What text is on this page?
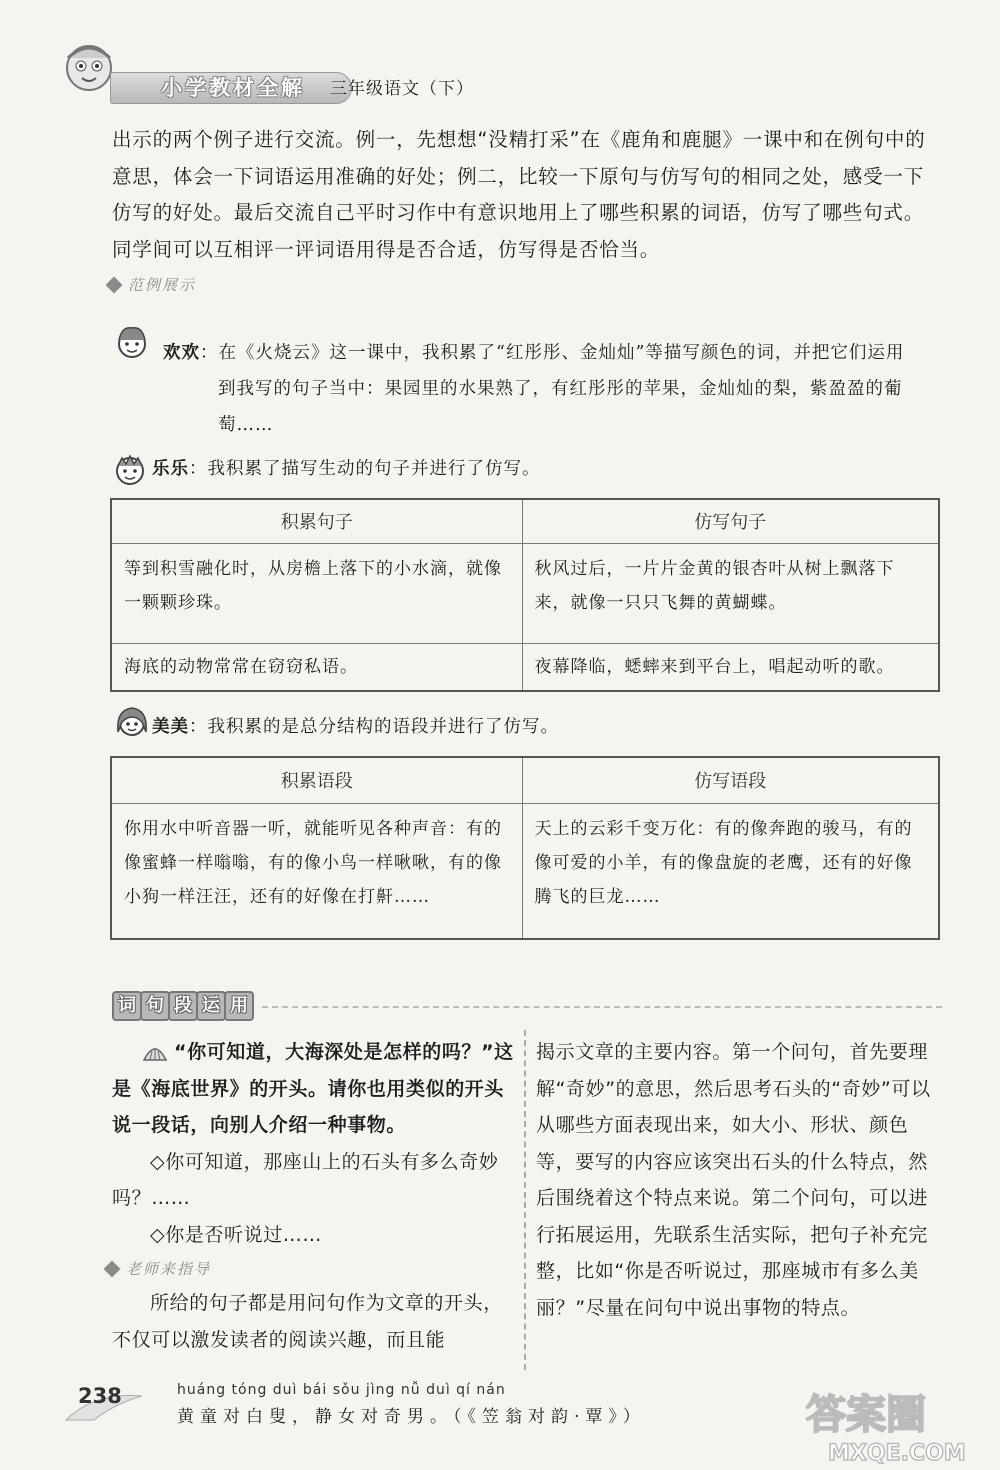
小学教材全解	三年级语文（下）
出示的两个例子进行交流。例一，先想想“没精打采”在《鹿角和鹿腿》一课中和在例句中的意思，体会一下词语运用准确的好处；例二，比较一下原句与仿写句的相同之处，感受一下仿写的好处。最后交流自己平时习作中有意识地用上了哪些积累的词语，仿写了哪些句式。同学间可以互相评一评词语用得是否合适，仿写得是否恰当。
范例展示
欢欢：在《火烧云》这一课中，我积累了“红彤彤、金灿灿”等描写颜色的词，并把它们运用
到我写的句子当中：果园里的水果熟了，有红彤彤的苹果，金灿灿的梨，紫盈盈的葡
萄……
乐乐：我积累了描写生动的句子并进行了仿写。
积累句子	仿写句子
等到积雪融化时，从房檐上落下的小水滴，就像一颗颗珍珠。	秋风过后，一片片金黄的银杏叶从树上飘落下来，就像一只只飞舞的黄蝴蝶。
海底的动物常常在窃窃私语。	夜幕降临，蟋蟀来到平台上，唱起动听的歌。
美美：我积累的是总分结构的语段并进行了仿写。
积累语段	仿写语段
你用水中听音器一听，就能听见各种声音：有的像蜜蜂一样嗡嗡，有的像小鸟一样啾啾，有的像小狗一样汪汪，还有的好像在打鼾……	天上的云彩千变万化：有的像奔跑的骏马，有的像可爱的小羊，有的像盘旋的老鹰，还有的好像腾飞的巨龙……
词 句 段 运 用
“你可知道，大海深处是怎样的吗？”这是《海底世界》的开头。请你也用类似的开头说一段话，向别人介绍一种事物。
◇你可知道，那座山上的石头有多么奇妙吗？……
◇你是否听说过……
老师来指导
所给的句子都是用问句作为文章的开头，不仅可以激发读者的阅读兴趣，而且能
揭示文章的主要内容。第一个问句，首先要理解“奇妙”的意思，然后思考石头的“奇妙”可以从哪些方面表现出来，如大小、形状、颜色等，要写的内容应该突出石头的什么特点，然后围绕着这个特点来说。第二个问句，可以进行拓展运用，先联系生活实际，把句子补充完整，比如“你是否听说过，那座城市有多么美丽？”尽量在问句中说出事物的特点。
238	huáng tóng duì bái sǒu jìng nǚ duì qí nán
黄童对白叟，静女对奇男。（《笠翁对韵·覃》）	答案圈
MXQE.COM
